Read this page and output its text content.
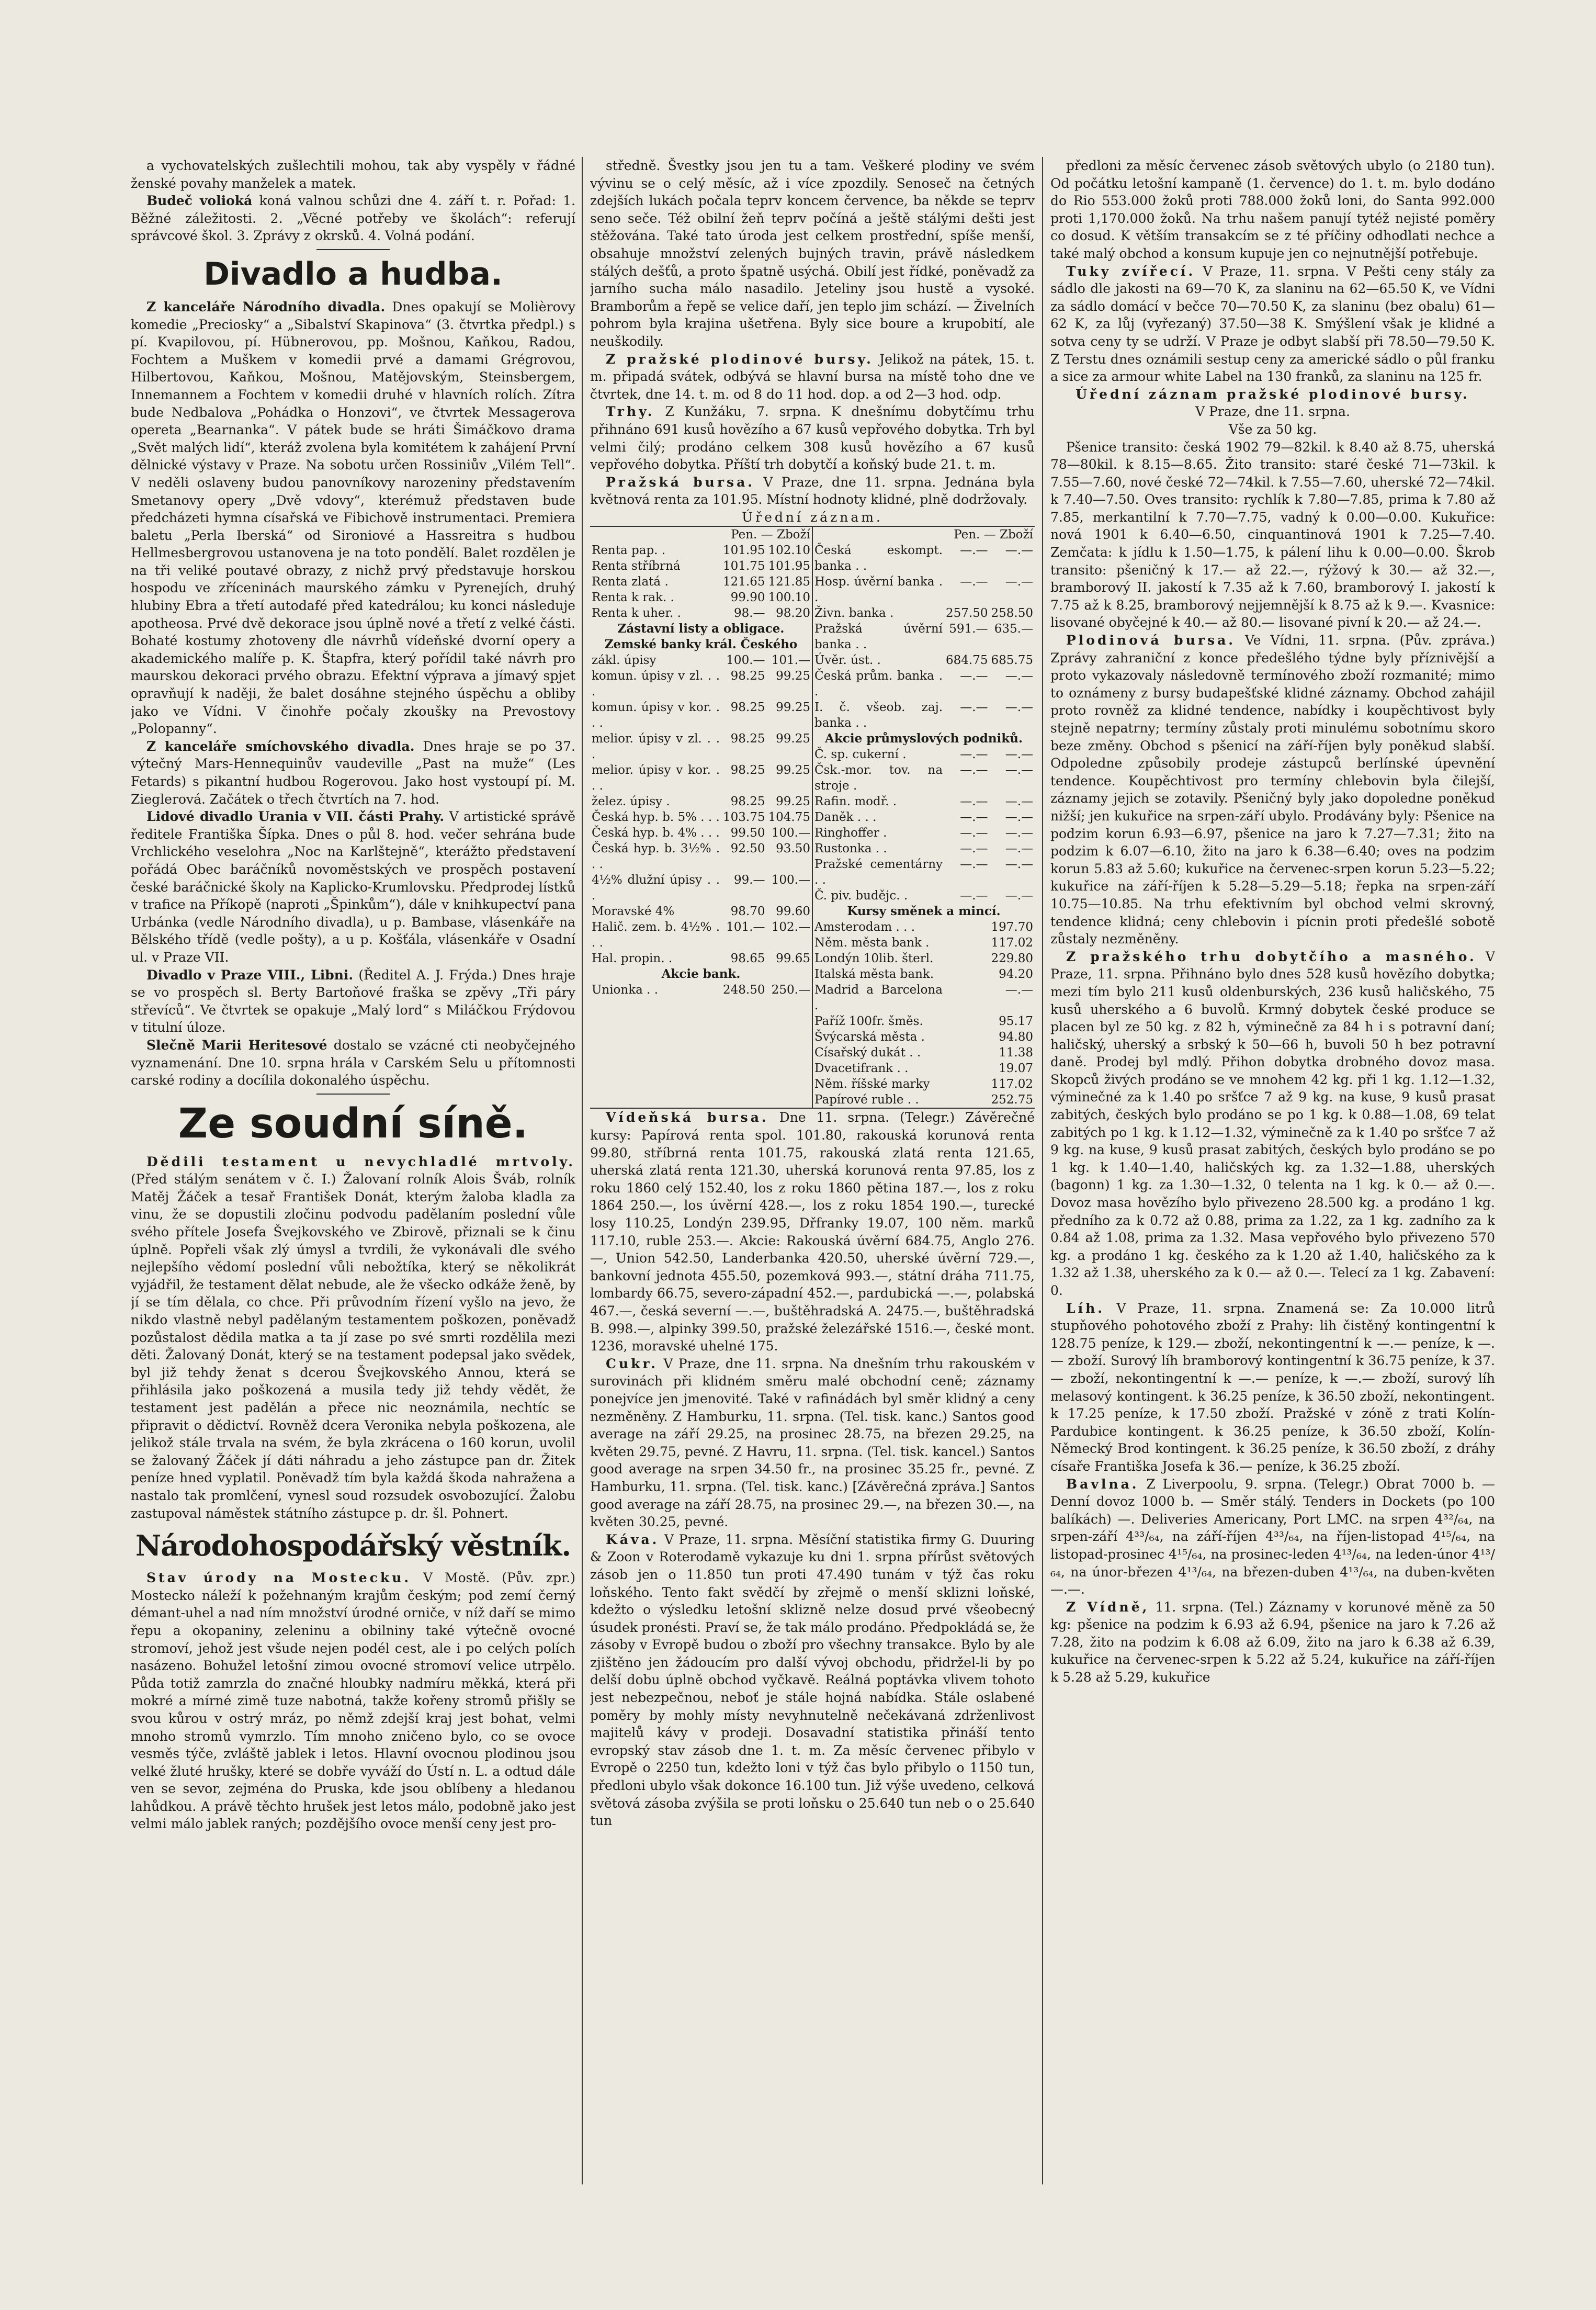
a vychovatelských zušlechtili mohou, tak aby vyspěly v řádné ženské povahy manželek a matek.

Budeč volioká koná valnou schůzi dne 4. září t. r. Pořad: 1. Běžné záležitosti. 2. „Věcné potřeby ve školách“: referují správcové škol. 3. Zprávy z okrsků. 4. Volná podání.

Divadlo a hudba.

Z kanceláře Národního divadla. Dnes opakují se Molièrovy komedie „Preciosky“ a „Sibalství Skapinova“ (3. čtvrtka předpl.) s pí. Kvapilovou, pí. Hübnerovou, pp. Mošnou, Kaňkou, Radou, Fochtem a Muškem v komedii prvé a damami Grégrovou, Hilbertovou, Kaňkou, Mošnou, Matějovským, Steinsbergem, Innemannem a Fochtem v komedii druhé v hlavních rolích. Zítra bude Nedbalova „Pohádka o Honzovi“, ve čtvrtek Messagerova opereta „Bearnanka“. V pátek bude se hráti Šimáčkovo drama „Svět malých lidí“, kteráž zvolena byla komitétem k zahájení První dělnické výstavy v Praze. Na sobotu určen Rossiniův „Vilém Tell“. V neděli oslaveny budou panovníkovy narozeniny představením Smetanovy opery „Dvě vdovy“, kterémuž představen bude předcházeti hymna císařská ve Fibichově instrumentaci. Premiera baletu „Perla Iberská“ od Sironiové a Hassreitra s hudbou Hellmesbergrovou ustanovena je na toto pondělí. Balet rozdělen je na tři veliké poutavé obrazy, z nichž prvý představuje horskou hospodu ve zříceninách maurského zámku v Pyrenejích, druhý hlubiny Ebra a třetí autodafé před katedrálou; ku konci následuje apotheosa. Prvé dvě dekorace jsou úplně nové a třetí z velké části. Bohaté kostumy zhotoveny dle návrhů vídeňské dvorní opery a akademického malíře p. K. Štapfra, který pořídil také návrh pro maurskou dekoraci prvého obrazu. Efektní výprava a jímavý spjet opravňují k naději, že balet dosáhne stejného úspěchu a obliby jako ve Vídni. V činohře počaly zkoušky na Prevostovy „Polopanny“.

Z kanceláře smíchovského divadla. Dnes hraje se po 37. výtečný Mars-Hennequinův vaudeville „Past na muže“ (Les Fetards) s pikantní hudbou Rogerovou. Jako host vystoupí pí. M. Zieglerová. Začátek o třech čtvrtích na 7. hod.

Lidové divadlo Urania v VII. části Prahy. V artistické správě ředitele Františka Šípka. Dnes o půl 8. hod. večer sehrána bude Vrchlického veselohra „Noc na Karlštejně“, kterážto představení pořádá Obec baráčníků novoměstských ve prospěch postavení české baráčnické školy na Kaplicko-Krumlovsku. Předprodej lístků v trafice na Příkopě (naproti „Špinkům“), dále v knihkupectví pana Urbánka (vedle Národního divadla), u p. Bambase, vlásenkáře na Bělského třídě (vedle pošty), a u p. Košťála, vlásenkáře v Osadní ul. v Praze VII.

Divadlo v Praze VIII., Libni. (Ředitel A. J. Frýda.) Dnes hraje se vo prospěch sl. Berty Bartoňové fraška se zpěvy „Tři páry střevíců“. Ve čtvrtek se opakuje „Malý lord“ s Miláčkou Frýdovou v titulní úloze.

Slečně Marii Heritesové dostalo se vzácné cti neobyčejného vyznamenání. Dne 10. srpna hrála v Carském Selu u přítomnosti carské rodiny a docílila dokonalého úspěchu.

Ze soudní síně.

Dědili testament u nevychladlé mrtvoly. (Před stálým senátem v č. I.) Žalovaní rolník Alois Šváb, rolník Matěj Žáček a tesař František Donát, kterým žaloba kladla za vinu, že se dopustili zločinu podvodu padělaním poslední vůle svého přítele Josefa Švejkovského ve Zbirově, přiznali se k činu úplně. Popřeli však zlý úmysl a tvrdili, že vykonávali dle svého nejlepšího vědomí poslední vůli nebožtíka, který se několikrát vyjádřil, že testament dělat nebude, ale že všecko odkáže ženě, by jí se tím dělala, co chce. Při průvodním řízení vyšlo na jevo, že nikdo vlastně nebyl padělaným testamentem poškozen, poněvadž pozůstalost dědila matka a ta jí zase po své smrti rozdělila mezi děti. Žalovaný Donát, který se na testament podepsal jako svědek, byl již tehdy ženat s dcerou Švejkovského Annou, která se přihlásila jako poškozená a musila tedy již tehdy vědět, že testament jest padělán a přece nic neoznámila, nechtíc se připravit o dědictví. Rovněž dcera Veronika nebyla poškozena, ale jelikož stále trvala na svém, že byla zkrácena o 160 korun, uvolil se žalovaný Žáček jí dáti náhradu a jeho zástupce pan dr. Žitek peníze hned vyplatil. Poněvadž tím byla každá škoda nahražena a nastalo tak promlčení, vynesl soud rozsudek osvobozující. Žalobu zastupoval náměstek státního zástupce p. dr. šl. Pohnert.

Národohospodářský věstník.

Stav úrody na Mostecku. V Mostě. (Pův. zpr.) Mostecko náleží k požehnaným krajům českým; pod zemí černý démant-uhel a nad ním množství úrodné orniče, v níž daří se mimo řepu a okopaniny, zeleninu a obilniny také výtečně ovocné stromoví, jehož jest všude nejen podél cest, ale i po celých polích nasázeno. Bohužel letošní zimou ovocné stromoví velice utrpělo. Půda totiž zamrzla do značné hloubky nadmíru měkká, která při mokré a mírné zimě tuze nabotná, takže kořeny stromů přišly se svou kůrou v ostrý mráz, po němž zdejší kraj jest bohat, velmi mnoho stromů vymrzlo. Tím mnoho zničeno bylo, co se ovoce vesměs týče, zvláště jablek i letos. Hlavní ovocnou plodinou jsou velké žluté hrušky, které se dobře vyváží do Ústí n. L. a odtud dále ven se sevor, zejména do Pruska, kde jsou oblíbeny a hledanou lahůdkou. A právě těchto hrušek jest letos málo, podobně jako jest velmi málo jablek raných; pozdějšího ovoce menší ceny jest pro-

středně. Švestky jsou jen tu a tam. Veškeré plodiny ve svém vývinu se o celý měsíc, až i více zpozdily. Senoseč na četných zdejších lukách počala teprv koncem července, ba někde se teprv seno seče. Též obilní žeň teprv počíná a ještě stálými dešti jest stěžována. Také tato úroda jest celkem prostřední, spíše menší, obsahuje množství zelených bujných travin, právě následkem stálých dešťů, a proto špatně usýchá. Obilí jest řídké, poněvadž za jarního sucha málo nasadilo. Jeteliny jsou hustě a vysoké. Bramborům a řepě se velice daří, jen teplo jim schází. — Živelních pohrom byla krajina ušetřena. Byly sice boure a krupobití, ale neuškodily.

Z pražské plodinové bursy. Jelikož na pátek, 15. t. m. připadá svátek, odbývá se hlavní bursa na místě toho dne ve čtvrtek, dne 14. t. m. od 8 do 11 hod. dop. a od 2—3 hod. odp.

Trhy. Z Kunžáku, 7. srpna. K dnešnímu dobytčímu trhu přihnáno 691 kusů hovězího a 67 kusů vepřového dobytka. Trh byl velmi čilý; prodáno celkem 308 kusů hovězího a 67 kusů vepřového dobytka. Příští trh dobytčí a koňský bude 21. t. m.

Pražská bursa. V Praze, dne 11. srpna. Jednána byla květnová renta za 101.95. Místní hodnoty klidné, plně dodržovaly.

Úřední záznam.

	Pen. — Zboží
Renta pap. .	101.95	102.10
Renta stříbrná	101.75	101.95
Renta zlatá .	121.65	121.85
Renta k rak. .	99.90	100.10
Renta k uher. .	98.—	98.20
Zástavní listy a obligace.		
Zemské banky král. Českého		
zákl. úpisy	100.—	101.—
komun. úpisy v zl. . . .	98.25	99.25
komun. úpisy v kor. . . .	98.25	99.25
melior. úpisy v zl. . . .	98.25	99.25
melior. úpisy v kor. . . .	98.25	99.25
želez. úpisy .	98.25	99.25
Česká hyp. b. 5% . . .	103.75	104.75
Česká hyp. b. 4% . . .	99.50	100.—
Česká hyp. b. 3½% . . .	92.50	93.50
4½% dlužní úpisy . . .	99.—	100.—
Moravské 4%	98.70	99.60
Halič. zem. b. 4½% . . .	101.—	102.—
Hal. propin. .	98.65	99.65
Akcie bank.		
Unionka . .	248.50	250.—
	Pen. — Zboží
Česká eskompt. banka . .	—.—	—.—
Hosp. úvěrní banka . .	—.—	—.—
Živn. banka .	257.50	258.50
Pražská úvěrní banka . .	591.—	635.—
Úvěr. úst. .	684.75	685.75
Česká prům. banka . .	—.—	—.—
I. č. všeob. zaj. banka . .	—.—	—.—
Akcie průmyslových podniků.		
Č. sp. cukerní .	—.—	—.—
Čsk.-mor. tov. na stroje .	—.—	—.—
Rafin. modř. .	—.—	—.—
Daněk . . .	—.—	—.—
Ringhoffer .	—.—	—.—
Rustonka . .	—.—	—.—
Pražské cementárny . .	—.—	—.—
Č. piv. budějc. .	—.—	—.—
Kursy směnek a mincí.		
Amsterodam . . .		197.70
Něm. města bank .		117.02
Londýn 10lib. šterl.		229.80
Italská města bank.		94.20
Madrid a Barcelona .		—.—
Paříž 100fr. šměs.		95.17
Švýcarská města .		94.80
Císařský dukát . .		11.38
Dvacetifrank . .		19.07
Něm. říšské marky		117.02
Papírové ruble . .		252.75

Vídeňská bursa. Dne 11. srpna. (Telegr.) Závěrečné kursy: Papírová renta spol. 101.80, rakouská korunová renta 99.80, stříbrná renta 101.75, rakouská zlatá renta 121.65, uherská zlatá renta 121.30, uherská korunová renta 97.85, los z roku 1860 celý 152.40, los z roku 1860 pětina 187.—, los z roku 1864 250.—, los úvěrní 428.—, los z roku 1854 190.—, turecké losy 110.25, Londýn 239.95, Dřfranky 19.07, 100 něm. marků 117.10, ruble 253.—. Akcie: Rakouská úvěrní 684.75, Anglo 276.—, Union 542.50, Landerbanka 420.50, uherské úvěrní 729.—, bankovní jednota 455.50, pozemková 993.—, státní dráha 711.75, lombardy 66.75, severo-západní 452.—, pardubická —.—, polabská 467.—, česká severní —.—, buštěhradská A. 2475.—, buštěhradská B. 998.—, alpinky 399.50, pražské železářské 1516.—, české mont. 1236, moravské uhelné 175.

Cukr. V Praze, dne 11. srpna. Na dnešním trhu rakouském v surovinách při klidném směru malé obchodní ceně; záznamy ponejvíce jen jmenovité. Také v rafinádách byl směr klidný a ceny nezměněny. Z Hamburku, 11. srpna. (Tel. tisk. kanc.) Santos good average na září 29.25, na prosinec 28.75, na březen 29.25, na květen 29.75, pevné. Z Havru, 11. srpna. (Tel. tisk. kancel.) Santos good average na srpen 34.50 fr., na prosinec 35.25 fr., pevné. Z Hamburku, 11. srpna. (Tel. tisk. kanc.) [Závěrečná zpráva.] Santos good average na září 28.75, na prosinec 29.—, na březen 30.—, na květen 30.25, pevné.

Káva. V Praze, 11. srpna. Měsíční statistika firmy G. Duuring & Zoon v Roterodamě vykazuje ku dni 1. srpna přírůst světových zásob jen o 11.850 tun proti 47.490 tunám v týž čas roku loňského. Tento fakt svědčí by zřejmě o menší sklizni loňské, kdežto o výsledku letošní sklizně nelze dosud prvé všeobecný úsudek pronésti. Praví se, že tak málo prodáno. Předpokládá se, že zásoby v Evropě budou o zboží pro všechny transakce. Bylo by ale zjištěno jen žádoucím pro další vývoj obchodu, přidržel-li by po delší dobu úplně obchod vyčkavě. Reálná poptávka vlivem tohoto jest nebezpečnou, neboť je stále hojná nabídka. Stále oslabené poměry by mohly místy nevyhnutelně nečekávaná zdrženlivost majitelů kávy v prodeji. Dosavadní statistika přináší tento evropský stav zásob dne 1. t. m. Za měsíc červenec přibylo v Evropě o 2250 tun, kdežto loni v týž čas bylo přibylo o 1150 tun, předloni ubylo však dokonce 16.100 tun. Již výše uvedeno, celková světová zásoba zvýšila se proti loňsku o 25.640 tun neb o o 25.640 tun

předloni za měsíc červenec zásob světových ubylo (o 2180 tun). Od počátku letošní kampaně (1. července) do 1. t. m. bylo dodáno do Rio 553.000 žoků proti 788.000 žoků loni, do Santa 992.000 proti 1,170.000 žoků. Na trhu našem panují tytéž nejisté poměry co dosud. K větším transakcím se z té příčiny odhodlati nechce a také malý obchod a konsum kupuje jen co nejnutnější potřebuje.

Tuky zvířecí. V Praze, 11. srpna. V Pešti ceny stály za sádlo dle jakosti na 69—70 K, za slaninu na 62—65.50 K, ve Vídni za sádlo domácí v bečce 70—70.50 K, za slaninu (bez obalu) 61—62 K, za lůj (vyřezaný) 37.50—38 K. Smýšlení však je klidné a sotva ceny ty se udrží. V Praze je odbyt slabší při 78.50—79.50 K. Z Terstu dnes oznámili sestup ceny za americké sádlo o půl franku a sice za armour white Label na 130 franků, za slaninu na 125 fr.

Úřední záznam pražské plodinové bursy.

V Praze, dne 11. srpna.

Vše za 50 kg.

Pšenice transito: česká 1902 79—82kil. k 8.40 až 8.75, uherská 78—80kil. k 8.15—8.65. Žito transito: staré české 71—73kil. k 7.55—7.60, nové české 72—74kil. k 7.55—7.60, uherské 72—74kil. k 7.40—7.50. Oves transito: rychlík k 7.80—7.85, prima k 7.80 až 7.85, merkantilní k 7.70—7.75, vadný k 0.00—0.00. Kukuřice: nová 1901 k 6.40—6.50, cinquantinová 1901 k 7.25—7.40. Zemčata: k jídlu k 1.50—1.75, k pálení lihu k 0.00—0.00. Škrob transito: pšeničný k 17.— až 22.—, rýžový k 30.— až 32.—, bramborový II. jakostí k 7.35 až k 7.60, bramborový I. jakostí k 7.75 až k 8.25, bramborový nejjemnější k 8.75 až k 9.—. Kvasnice: lisované obyčejné k 40.— až 80.— lisované pivní k 20.— až 24.—.

Plodinová bursa. Ve Vídni, 11. srpna. (Pův. zpráva.) Zprávy zahraniční z konce předešlého týdne byly příznivější a proto vykazovaly následovně termínového zboží rozmanité; mimo to oznámeny z bursy budapešťské klidné záznamy. Obchod zahájil proto rovněž za klidné tendence, nabídky i koupěchtivost byly stejně nepatrny; termíny zůstaly proti minulému sobotnímu skoro beze změny. Obchod s pšenicí na září-říjen byly poněkud slabší. Odpoledne způsobily prodeje zástupců berlínské úpevnění tendence. Koupěchtivost pro termíny chlebovin byla čilejší, záznamy jejich se zotavily. Pšeničný byly jako dopoledne poněkud nižší; jen kukuřice na srpen-září ubylo. Prodávány byly: Pšenice na podzim korun 6.93—6.97, pšenice na jaro k 7.27—7.31; žito na podzim k 6.07—6.10, žito na jaro k 6.38—6.40; oves na podzim korun 5.83 až 5.60; kukuřice na červenec-srpen korun 5.23—5.22; kukuřice na září-říjen k 5.28—5.29—5.18; řepka na srpen-září 10.75—10.85. Na trhu efektivním byl obchod velmi skrovný, tendence klidná; ceny chlebovin i pícnin proti předešlé sobotě zůstaly nezměněny.

Z pražského trhu dobytčího a masného. V Praze, 11. srpna. Přihnáno bylo dnes 528 kusů hovězího dobytka; mezi tím bylo 211 kusů oldenburských, 236 kusů haličského, 75 kusů uherského a 6 buvolů. Krmný dobytek české produce se placen byl ze 50 kg. z 82 h, výminečně za 84 h i s potravní daní; haličský, uherský a srbský k 50—66 h, buvoli 50 h bez potravní daně. Prodej byl mdlý. Přihon dobytka drobného dovoz masa. Skopců živých prodáno se ve mnohem 42 kg. při 1 kg. 1.12—1.32, výminečné za k 1.40 po sršťce 7 až 9 kg. na kuse, 9 kusů prasat zabitých, českých bylo prodáno se po 1 kg. k 0.88—1.08, 69 telat zabitých po 1 kg. k 1.12—1.32, výminečně za k 1.40 po sršťce 7 až 9 kg. na kuse, 9 kusů prasat zabitých, českých bylo prodáno se po 1 kg. k 1.40—1.40, haličských kg. za 1.32—1.88, uherských (bagonn) 1 kg. za 1.30—1.32, 0 telenta na 1 kg. k 0.— až 0.—. Dovoz masa hovězího bylo přivezeno 28.500 kg. a prodáno 1 kg. předního za k 0.72 až 0.88, prima za 1.22, za 1 kg. zadního za k 0.84 až 1.08, prima za 1.32. Masa vepřového bylo přivezeno 570 kg. a prodáno 1 kg. českého za k 1.20 až 1.40, haličského za k 1.32 až 1.38, uherského za k 0.— až 0.—. Telecí za 1 kg. Zabavení: 0.

Líh. V Praze, 11. srpna. Znamená se: Za 10.000 litrů stupňového pohotového zboží z Prahy: lih čistěný kontingentní k 128.75 peníze, k 129.— zboží, nekontingentní k —.— peníze, k —.— zboží. Surový líh bramborový kontingentní k 36.75 peníze, k 37.— zboží, nekontingentní k —.— peníze, k —.— zboží, surový líh melasový kontingent. k 36.25 peníze, k 36.50 zboží, nekontingent. k 17.25 peníze, k 17.50 zboží. Pražské v zóně z trati Kolín-Pardubice kontingent. k 36.25 peníze, k 36.50 zboží, Kolín-Německý Brod kontingent. k 36.25 peníze, k 36.50 zboží, z dráhy císaře Františka Josefa k 36.— peníze, k 36.25 zboží.

Bavlna. Z Liverpoolu, 9. srpna. (Telegr.) Obrat 7000 b. — Denní dovoz 1000 b. — Směr stálý. Tenders in Dockets (po 100 balíkách) —. Deliveries Americany, Port LMC. na srpen 4³²/₆₄, na srpen-září 4³³/₆₄, na září-říjen 4³³/₆₄, na říjen-listopad 4¹⁵/₆₄, na listopad-prosinec 4¹⁵/₆₄, na prosinec-leden 4¹³/₆₄, na leden-únor 4¹³/₆₄, na únor-březen 4¹³/₆₄, na březen-duben 4¹³/₆₄, na duben-květen —.—.

Z Vídně, 11. srpna. (Tel.) Záznamy v korunové měně za 50 kg: pšenice na podzim k 6.93 až 6.94, pšenice na jaro k 7.26 až 7.28, žito na podzim k 6.08 až 6.09, žito na jaro k 6.38 až 6.39, kukuřice na červenec-srpen k 5.22 až 5.24, kukuřice na září-říjen k 5.28 až 5.29, kukuřice
